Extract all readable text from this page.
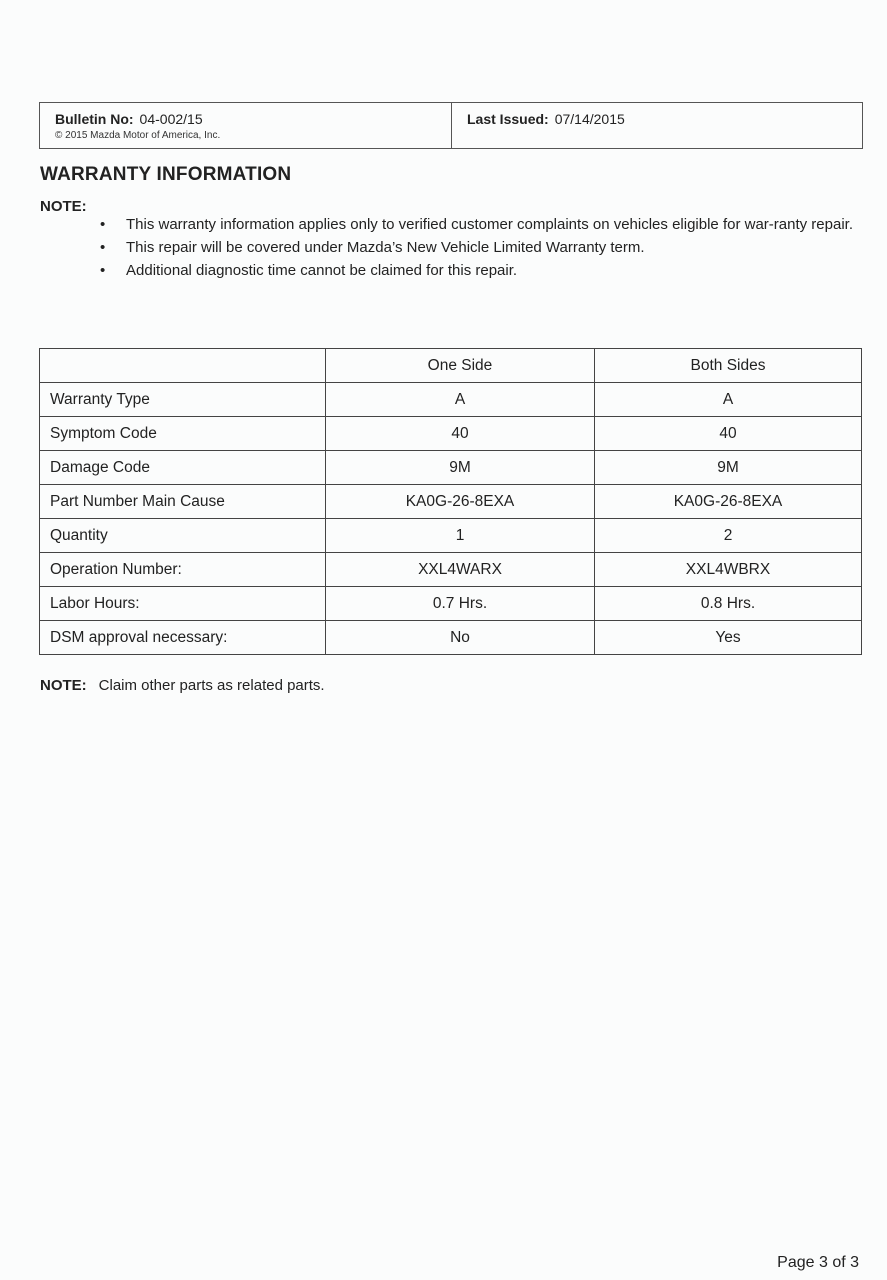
Bulletin No: 04-002/15
© 2015 Mazda Motor of America, Inc.
Last Issued: 07/14/2015
WARRANTY INFORMATION
NOTE:
• This warranty information applies only to verified customer complaints on vehicles eligible for war-ranty repair.
• This repair will be covered under Mazda’s New Vehicle Limited Warranty term.
• Additional diagnostic time cannot be claimed for this repair.
	One Side	Both Sides
Warranty Type	A	A
Symptom Code	40	40
Damage Code	9M	9M
Part Number Main Cause	KA0G-26-8EXA	KA0G-26-8EXA
Quantity	1	2
Operation Number:	XXL4WARX	XXL4WBRX
Labor Hours:	0.7 Hrs.	0.8 Hrs.
DSM approval necessary:	No	Yes
NOTE: Claim other parts as related parts.
Page 3 of 3
